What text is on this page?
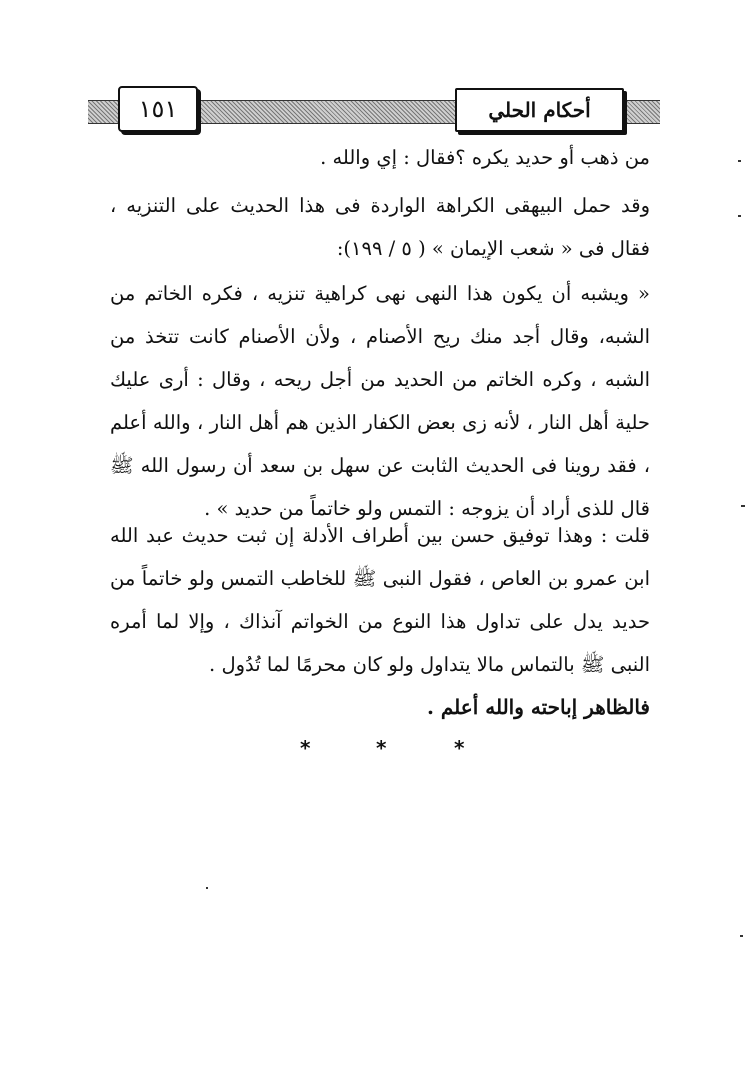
أحكام الحلي
١٥١
من ذهب أو حديد يكره ؟فقال : إي والله .
وقد حمل البيهقى الكراهة الواردة فى هذا الحديث على التنزيه ، فقال فى « شعب الإيمان » ( ٥ / ١٩٩):
« ويشبه أن يكون هذا النهى نهى كراهية تنزيه ، فكره الخاتم من الشبه، وقال أجد منك ريح الأصنام ، ولأن الأصنام كانت تتخذ من الشبه ، وكره الخاتم من الحديد من أجل ريحه ، وقال : أرى عليك حلية أهل النار ، لأنه زى بعض الكفار الذين هم أهل النار ، والله أعلم ، فقد روينا فى الحديث الثابت عن سهل بن سعد أن رسول الله ﷺ قال للذى أراد أن يزوجه : التمس ولو خاتماً من حديد » .
قلت : وهذا توفيق حسن بين أطراف الأدلة إن ثبت حديث عبد الله ابن عمرو بن العاص ، فقول النبى ﷺ للخاطب التمس ولو خاتماً من حديد يدل على تداول هذا النوع من الخواتم آنذاك ، وإلا لما أمره النبى ﷺ بالتماس مالا يتداول ولو كان محرمًا لما تُدُول .
فالظاهر إباحته والله أعلم .
*	*	*
